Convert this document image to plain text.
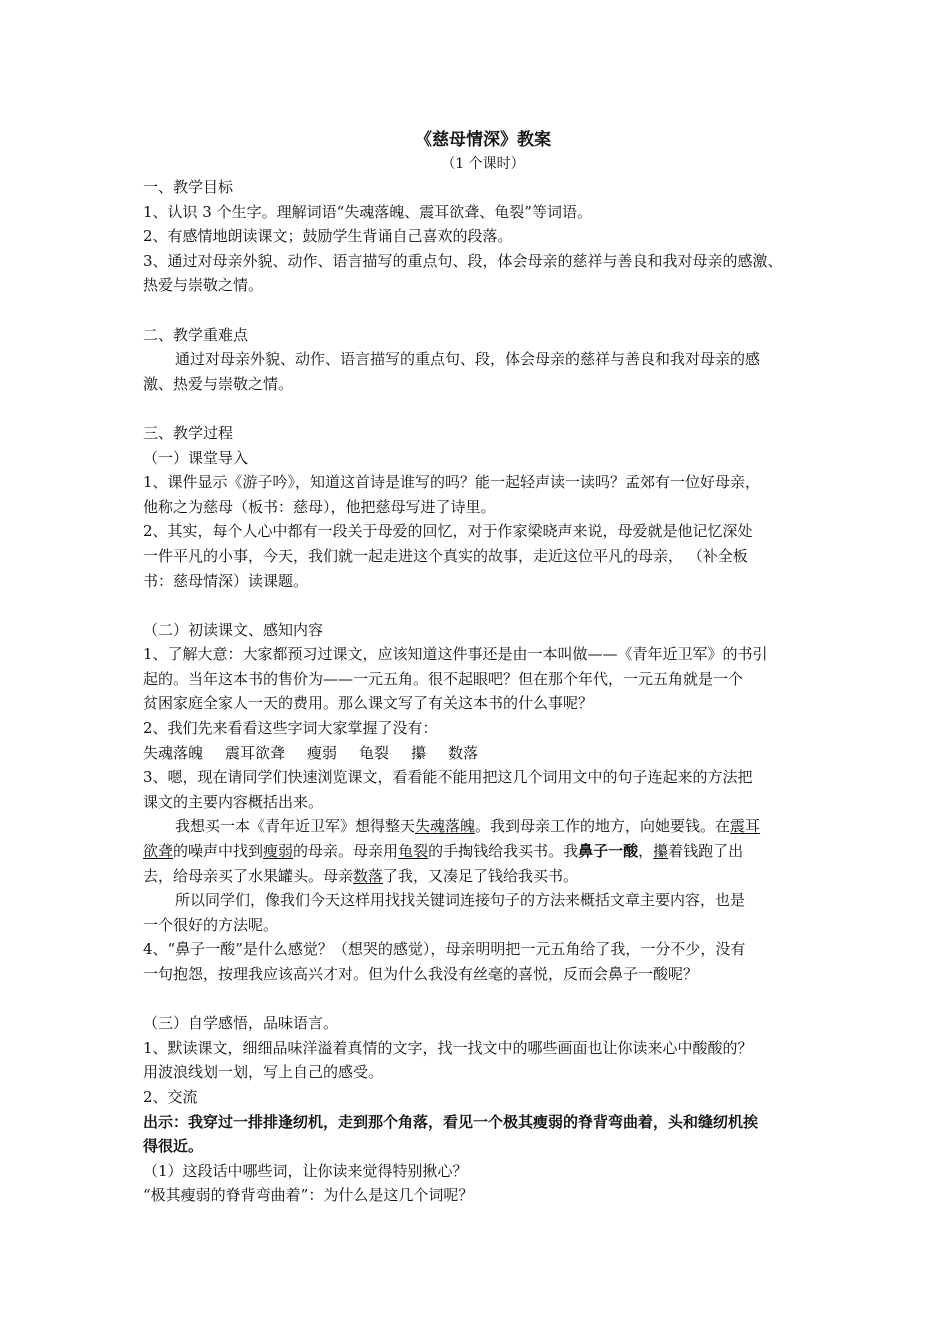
《慈母情深》教案

（1 个课时）

一、教学目标

1、认识 3 个生字。理解词语“失魂落魄、震耳欲聋、龟裂”等词语。

2、有感情地朗读课文；鼓励学生背诵自己喜欢的段落。

3、通过对母亲外貌、动作、语言描写的重点句、段，体会母亲的慈祥与善良和我对母亲的感激、

热爱与崇敬之情。

二、教学重难点

通过对母亲外貌、动作、语言描写的重点句、段，体会母亲的慈祥与善良和我对母亲的感

激、热爱与崇敬之情。

三、教学过程

（一）课堂导入

1、课件显示《游子吟》，知道这首诗是谁写的吗？能一起轻声读一读吗？孟郊有一位好母亲，

他称之为慈母（板书：慈母），他把慈母写进了诗里。

2、其实，每个人心中都有一段关于母爱的回忆，对于作家梁晓声来说，母爱就是他记忆深处

一件平凡的小事，今天，我们就一起走进这个真实的故事，走近这位平凡的母亲， （补全板

书：慈母情深）读课题。

（二）初读课文、感知内容

1、了解大意：大家都预习过课文，应该知道这件事还是由一本叫做——《青年近卫军》的书引

起的。当年这本书的售价为——一元五角。很不起眼吧？但在那个年代，一元五角就是一个

贫困家庭全家人一天的费用。那么课文写了有关这本书的什么事呢？

2、我们先来看看这些字词大家掌握了没有：

失魂落魄 震耳欲聋 瘦弱 龟裂 攥 数落

3、嗯，现在请同学们快速浏览课文，看看能不能用把这几个词用文中的句子连起来的方法把

课文的主要内容概括出来。

我想买一本《青年近卫军》想得整天失魂落魄。我到母亲工作的地方，向她要钱。在震耳

欲聋的噪声中找到瘦弱的母亲。母亲用龟裂的手掏钱给我买书。我鼻子一酸，攥着钱跑了出

去，给母亲买了水果罐头。母亲数落了我，又凑足了钱给我买书。

所以同学们，像我们今天这样用找找关键词连接句子的方法来概括文章主要内容，也是

一个很好的方法呢。

4、“鼻子一酸”是什么感觉？（想哭的感觉），母亲明明把一元五角给了我，一分不少，没有

一句抱怨，按理我应该高兴才对。但为什么我没有丝毫的喜悦，反而会鼻子一酸呢？

（三）自学感悟，品味语言。

1、默读课文，细细品味洋溢着真情的文字，找一找文中的哪些画面也让你读来心中酸酸的？

用波浪线划一划，写上自己的感受。

2、交流

出示：我穿过一排排逢纫机，走到那个角落，看见一个极其瘦弱的脊背弯曲着，头和缝纫机挨

得很近。

（1）这段话中哪些词，让你读来觉得特别揪心？

“极其瘦弱的脊背弯曲着”：为什么是这几个词呢？
